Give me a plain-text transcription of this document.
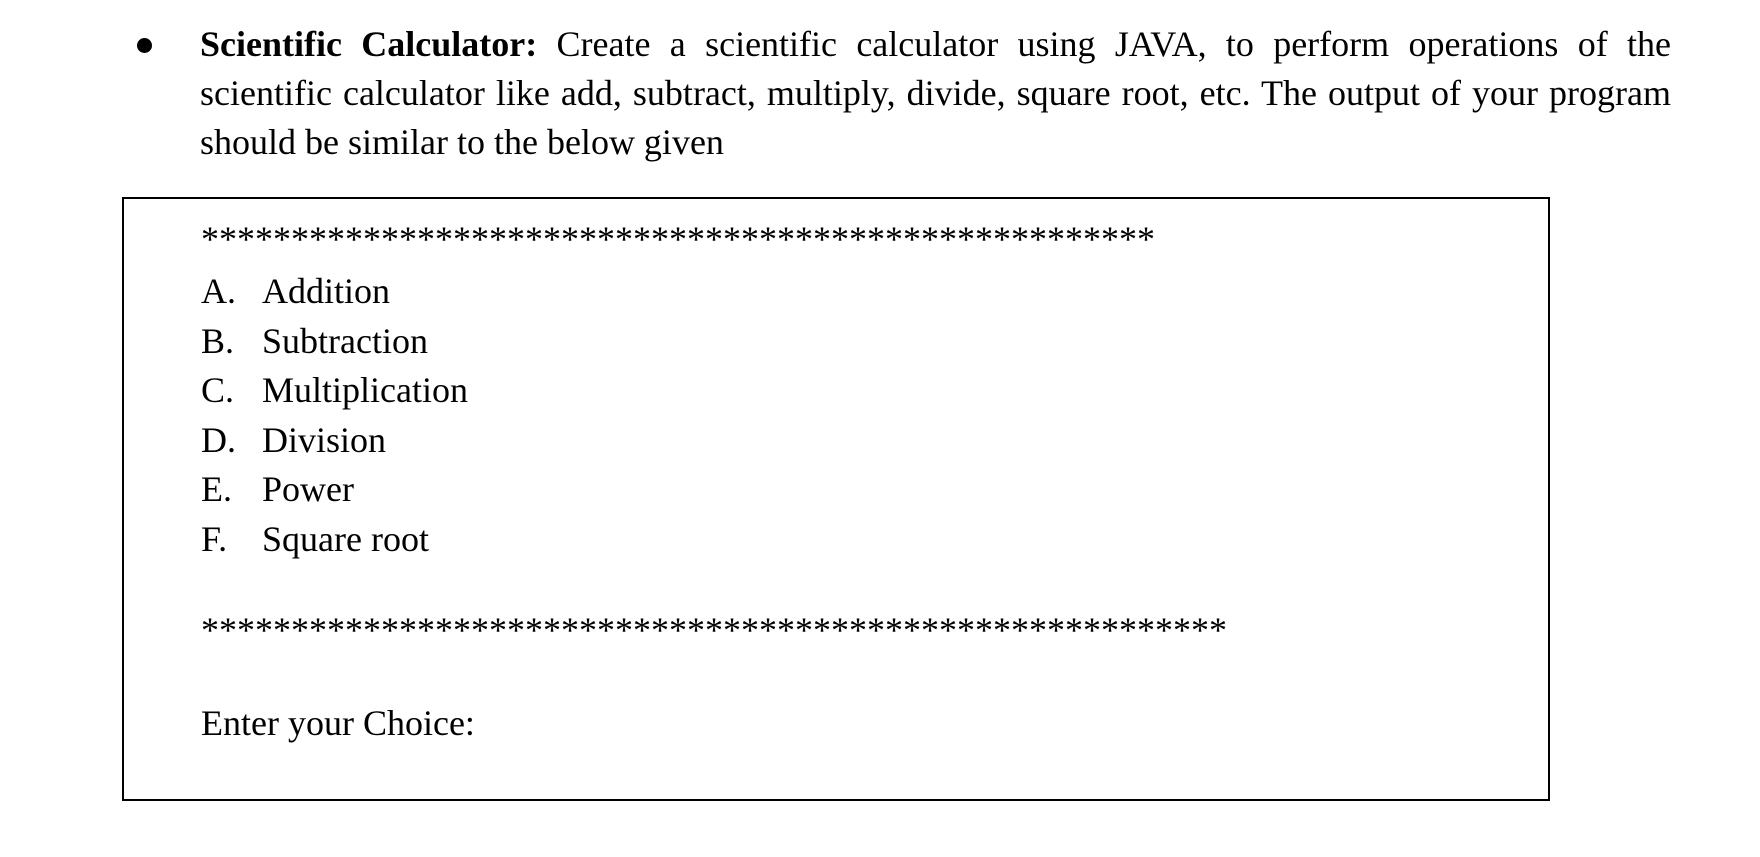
Scientific Calculator: Create a scientific calculator using JAVA, to perform operations of the scientific calculator like add, subtract, multiply, divide, square root, etc. The output of your program should be similar to the below given
*****************************************************
A. Addition
B. Subtraction
C. Multiplication
D. Division
E. Power
F. Square root
*********************************************************
Enter your Choice:
